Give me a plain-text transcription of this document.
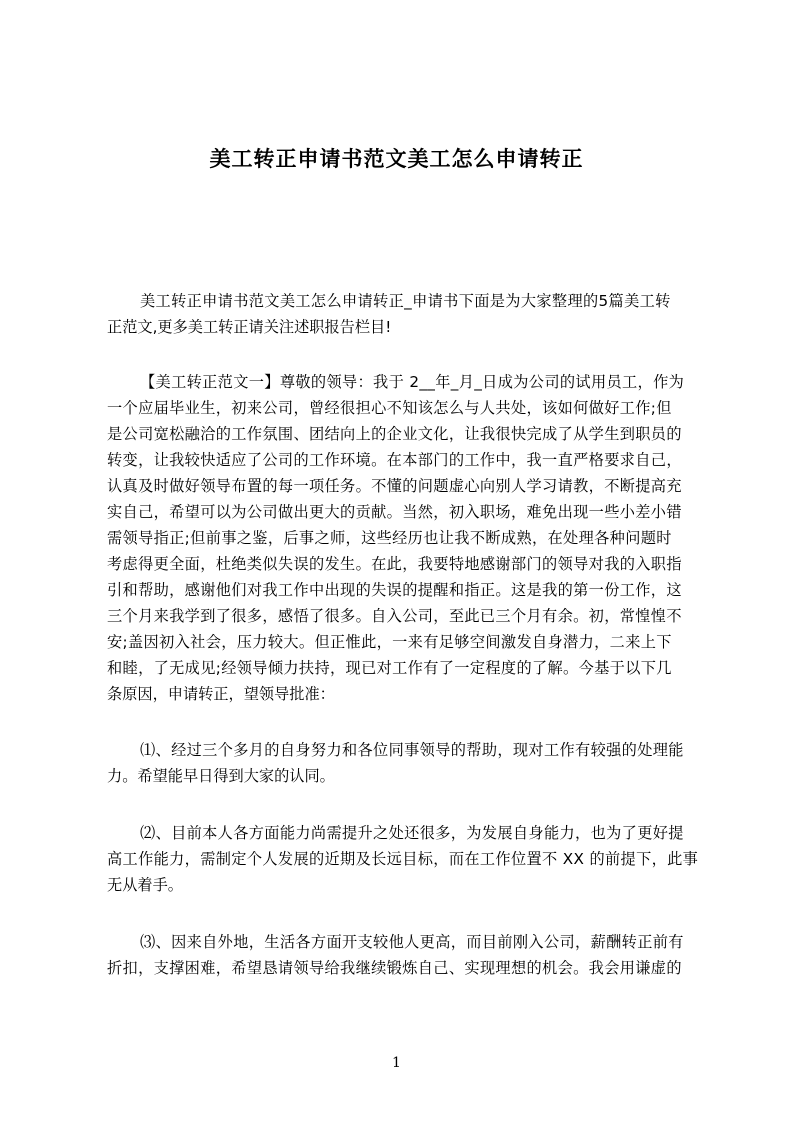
美工转正申请书范文美工怎么申请转正
美工转正申请书范文美工怎么申请转正_申请书下面是为大家整理的5篇美工转
正范文,更多美工转正请关注述职报告栏目!
【美工转正范文一】尊敬的领导：我于 2__年_月_日成为公司的试用员工，作为
一个应届毕业生，初来公司，曾经很担心不知该怎么与人共处，该如何做好工作;但
是公司宽松融洽的工作氛围、团结向上的企业文化，让我很快完成了从学生到职员的
转变，让我较快适应了公司的工作环境。在本部门的工作中，我一直严格要求自己，
认真及时做好领导布置的每一项任务。不懂的问题虚心向别人学习请教，不断提高充
实自己，希望可以为公司做出更大的贡献。当然，初入职场，难免出现一些小差小错
需领导指正;但前事之鉴，后事之师，这些经历也让我不断成熟，在处理各种问题时
考虑得更全面，杜绝类似失误的发生。在此，我要特地感谢部门的领导对我的入职指
引和帮助，感谢他们对我工作中出现的失误的提醒和指正。这是我的第一份工作，这
三个月来我学到了很多，感悟了很多。自入公司，至此已三个月有余。初，常惶惶不
安;盖因初入社会，压力较大。但正惟此，一来有足够空间激发自身潜力，二来上下
和睦，了无成见;经领导倾力扶持，现已对工作有了一定程度的了解。今基于以下几
条原因，申请转正，望领导批准：
⑴、经过三个多月的自身努力和各位同事领导的帮助，现对工作有较强的处理能
力。希望能早日得到大家的认同。
⑵、目前本人各方面能力尚需提升之处还很多，为发展自身能力，也为了更好提
高工作能力，需制定个人发展的近期及长远目标，而在工作位置不 XX 的前提下，此事
无从着手。
⑶、因来自外地，生活各方面开支较他人更高，而目前刚入公司，薪酬转正前有
折扣，支撑困难，希望恳请领导给我继续锻炼自己、实现理想的机会。我会用谦虚的
1
